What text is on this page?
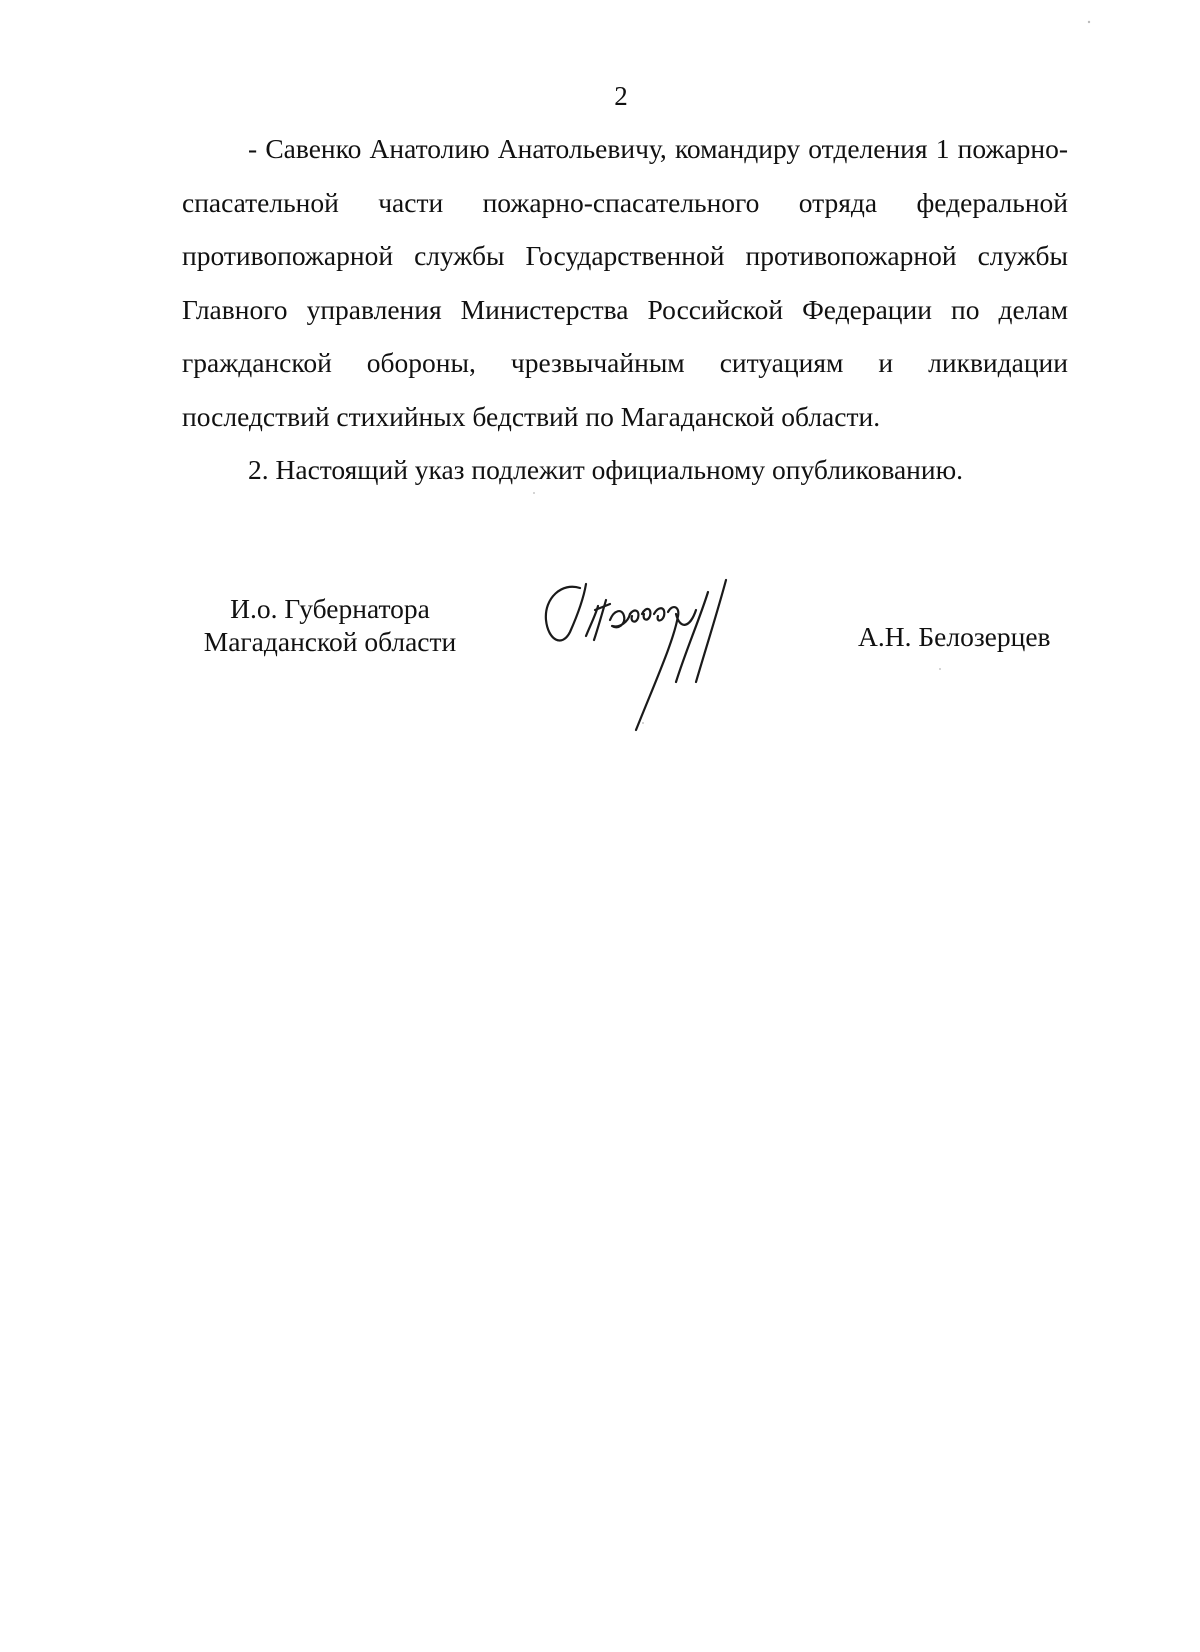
2

- Савенко Анатолию Анатольевичу, командиру отделения 1 пожарно-спасательной части пожарно-спасательного отряда федеральной противопожарной службы Государственной противопожарной службы Главного управления Министерства Российской Федерации по делам гражданской обороны, чрезвычайным ситуациям и ликвидации последствий стихийных бедствий по Магаданской области.

2. Настоящий указ подлежит официальному опубликованию.

И.о. Губернатора
Магаданской области	А.Н. Белозерцев
